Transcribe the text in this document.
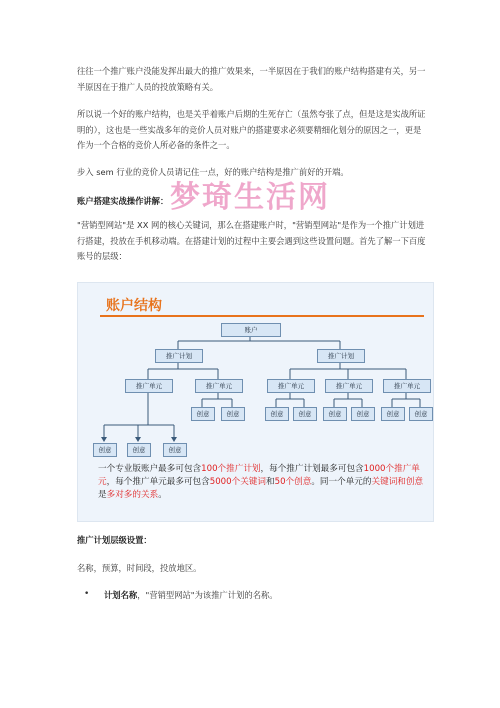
往往一个推广账户没能发挥出最大的推广效果来，一半原因在于我们的账户结构搭建有关，另一半原因在于推广人员的投放策略有关。
所以说一个好的账户结构，也是关乎着账户后期的生死存亡（虽然夸张了点，但是这是实战所证明的），这也是一些实战多年的竞价人员对账户的搭建要求必须要精细化划分的原因之一，更是作为一个合格的竞价人所必备的条件之一。
步入 sem 行业的竞价人员请记住一点，好的账户结构是推广前好的开端。
梦琦生活网
账户搭建实战操作讲解：
"营销型网站"是 XX 网的核心关键词，那么在搭建账户时，"营销型网站"是作为一个推广计划进行搭建，投放在手机移动端。在搭建计划的过程中主要会遇到这些设置问题。首先了解一下百度账号的层级：
账户结构
账户
推广计划	推广计划
推广单元	推广单元	推广单元	推广单元	推广单元
创意	创意	创意	创意	创意	创意	创意	创意
创意	创意	创意
一个专业版账户最多可包含100个推广计划，每个推广计划最多可包含1000个推广单元，每个推广单元最多可包含5000个关键词和50个创意。同一个单元的关键词和创意是多对多的关系。
推广计划层级设置：
名称，预算，时间段，投放地区。
• 计划名称，"营销型网站"为该推广计划的名称。
